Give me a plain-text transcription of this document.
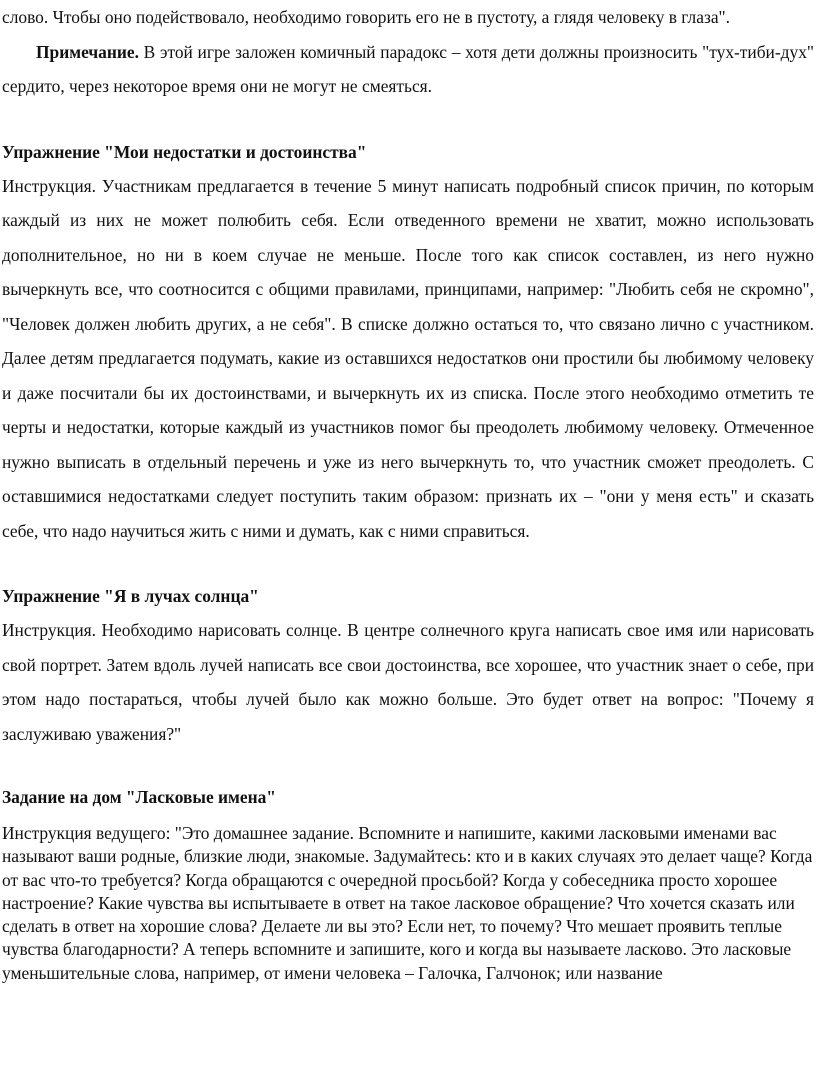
слово. Чтобы оно подействовало, необходимо говорить его не в пустоту, а глядя человеку в глаза".

Примечание. В этой игре заложен комичный парадокс – хотя дети должны произносить "тух-тиби-дух" сердито, через некоторое время они не могут не смеяться.

Упражнение "Мои недостатки и достоинства"

Инструкция. Участникам предлагается в течение 5 минут написать подробный список причин, по которым каждый из них не может полюбить себя. Если отведенного времени не хватит, можно использовать дополнительное, но ни в коем случае не меньше. После того как список составлен, из него нужно вычеркнуть все, что соотносится с общими правилами, принципами, например: "Любить себя не скромно", "Человек должен любить других, а не себя". В списке должно остаться то, что связано лично с участником. Далее детям предлагается подумать, какие из оставшихся недостатков они простили бы любимому человеку и даже посчитали бы их достоинствами, и вычеркнуть их из списка. После этого необходимо отметить те черты и недостатки, которые каждый из участников помог бы преодолеть любимому человеку. Отмеченное нужно выписать в отдельный перечень и уже из него вычеркнуть то, что участник сможет преодолеть. С оставшимися недостатками следует поступить таким образом: признать их – "они у меня есть" и сказать себе, что надо научиться жить с ними и думать, как с ними справиться.

Упражнение "Я в лучах солнца"

Инструкция. Необходимо нарисовать солнце. В центре солнечного круга написать свое имя или нарисовать свой портрет. Затем вдоль лучей написать все свои достоинства, все хорошее, что участник знает о себе, при этом надо постараться, чтобы лучей было как можно больше. Это будет ответ на вопрос: "Почему я заслуживаю уважения?"

Задание на дом "Ласковые имена"

Инструкция ведущего: "Это домашнее задание. Вспомните и напишите, какими ласковыми именами вас называют ваши родные, близкие люди, знакомые. Задумайтесь: кто и в каких случаях это делает чаще? Когда от вас что-то требуется? Когда обращаются с очередной просьбой? Когда у собеседника просто хорошее настроение? Какие чувства вы испытываете в ответ на такое ласковое обращение? Что хочется сказать или сделать в ответ на хорошие слова? Делаете ли вы это? Если нет, то почему? Что мешает проявить теплые чувства благодарности? А теперь вспомните и запишите, кого и когда вы называете ласково. Это ласковые уменьшительные слова, например, от имени человека – Галочка, Галчонок; или название
